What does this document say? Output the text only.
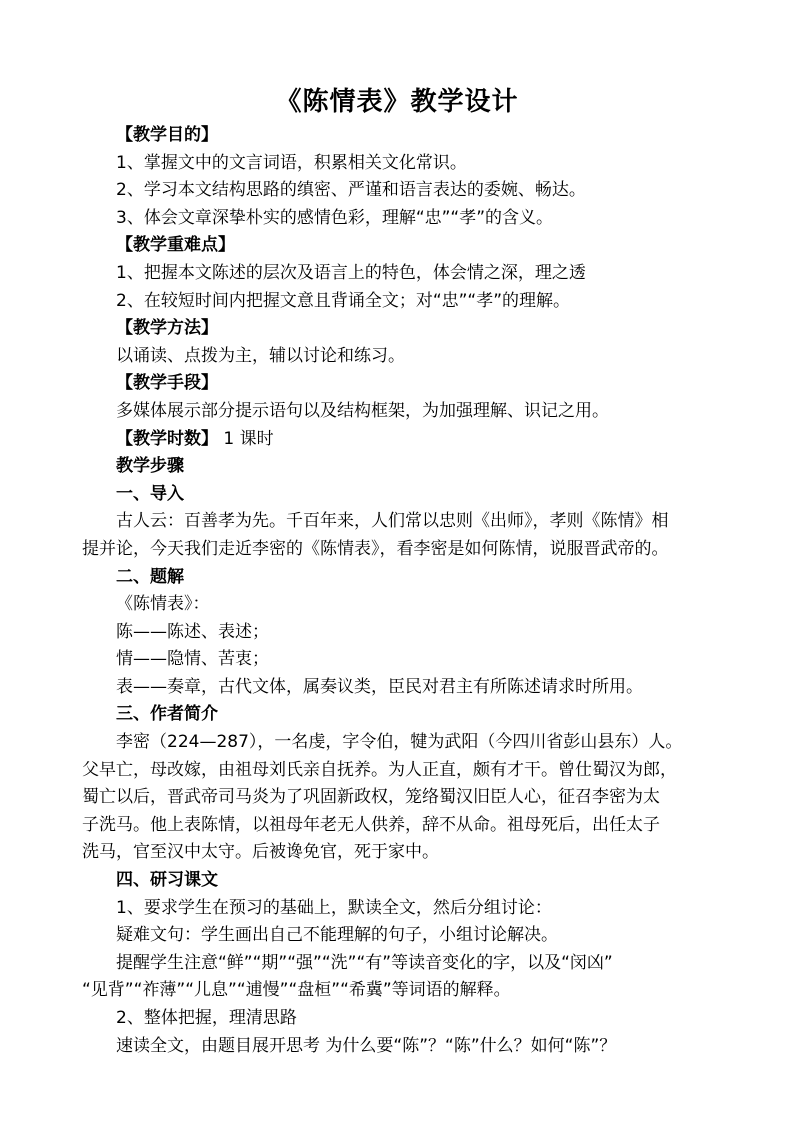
《陈情表》教学设计

【教学目的】

1、掌握文中的文言词语，积累相关文化常识。

2、学习本文结构思路的缜密、严谨和语言表达的委婉、畅达。

3、体会文章深挚朴实的感情色彩，理解“忠”“孝”的含义。

【教学重难点】

1、把握本文陈述的层次及语言上的特色，体会情之深，理之透

2、在较短时间内把握文意且背诵全文；对“忠”“孝”的理解。

【教学方法】

以诵读、点拨为主，辅以讨论和练习。

【教学手段】

多媒体展示部分提示语句以及结构框架，为加强理解、识记之用。

【教学时数】 1 课时

教学步骤

一、导入

古人云：百善孝为先。千百年来，人们常以忠则《出师》，孝则《陈情》相

提并论，今天我们走近李密的《陈情表》，看李密是如何陈情，说服晋武帝的。

二、题解

《陈情表》：

陈——陈述、表述；

情——隐情、苦衷；

表——奏章，古代文体，属奏议类，臣民对君主有所陈述请求时所用。

三、作者简介

李密（224—287），一名虔，字令伯，犍为武阳（今四川省彭山县东）人。

父早亡，母改嫁，由祖母刘氏亲自抚养。为人正直，颇有才干。曾仕蜀汉为郎，

蜀亡以后，晋武帝司马炎为了巩固新政权，笼络蜀汉旧臣人心，征召李密为太

子洗马。他上表陈情，以祖母年老无人供养，辞不从命。祖母死后，出任太子

洗马，官至汉中太守。后被谗免官，死于家中。

四、研习课文

1、要求学生在预习的基础上，默读全文，然后分组讨论：

疑难文句：学生画出自己不能理解的句子，小组讨论解决。

提醒学生注意“鲜”“期”“强”“洗”“有”等读音变化的字，以及“闵凶”

“见背”“祚薄”“儿息”“逋慢”“盘桓”“希冀”等词语的解释。

2、整体把握，理清思路

速读全文，由题目展开思考 为什么要“陈”？“陈”什么？如何“陈”？
